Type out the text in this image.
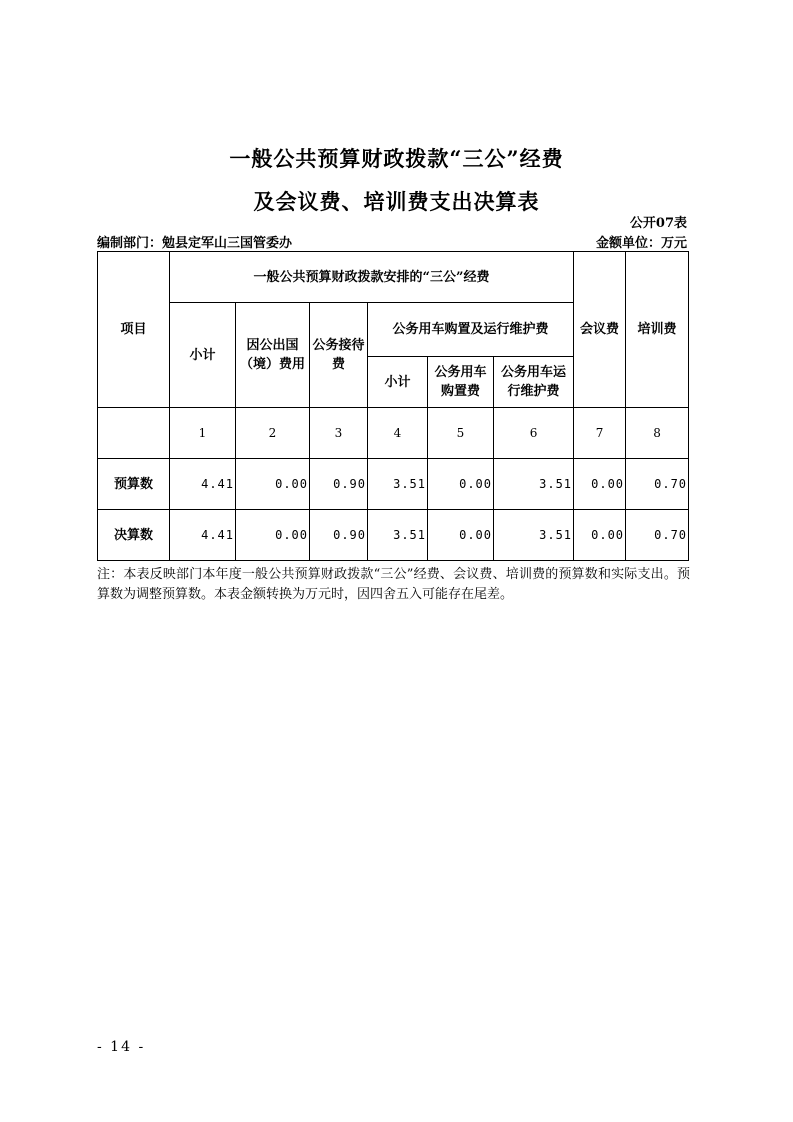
一般公共预算财政拨款“三公”经费
及会议费、培训费支出决算表
公开07表
编制部门：勉县定军山三国管委办	金额单位：万元
项目	一般公共预算财政拨款安排的“三公”经费						会议费	培训费
	小计	因公出国（境）费用	公务接待费	公务用车购置及运行维护费				
				小计	公务用车购置费	公务用车运行维护费		
	1	2	3	4	5	6	7	8
预算数	4.41	0.00	0.90	3.51	0.00	3.51	0.00	0.70
决算数	4.41	0.00	0.90	3.51	0.00	3.51	0.00	0.70
注：本表反映部门本年度一般公共预算财政拨款“三公”经费、会议费、培训费的预算数和实际支出。预算数为调整预算数。本表金额转换为万元时，因四舍五入可能存在尾差。
- 14 -
